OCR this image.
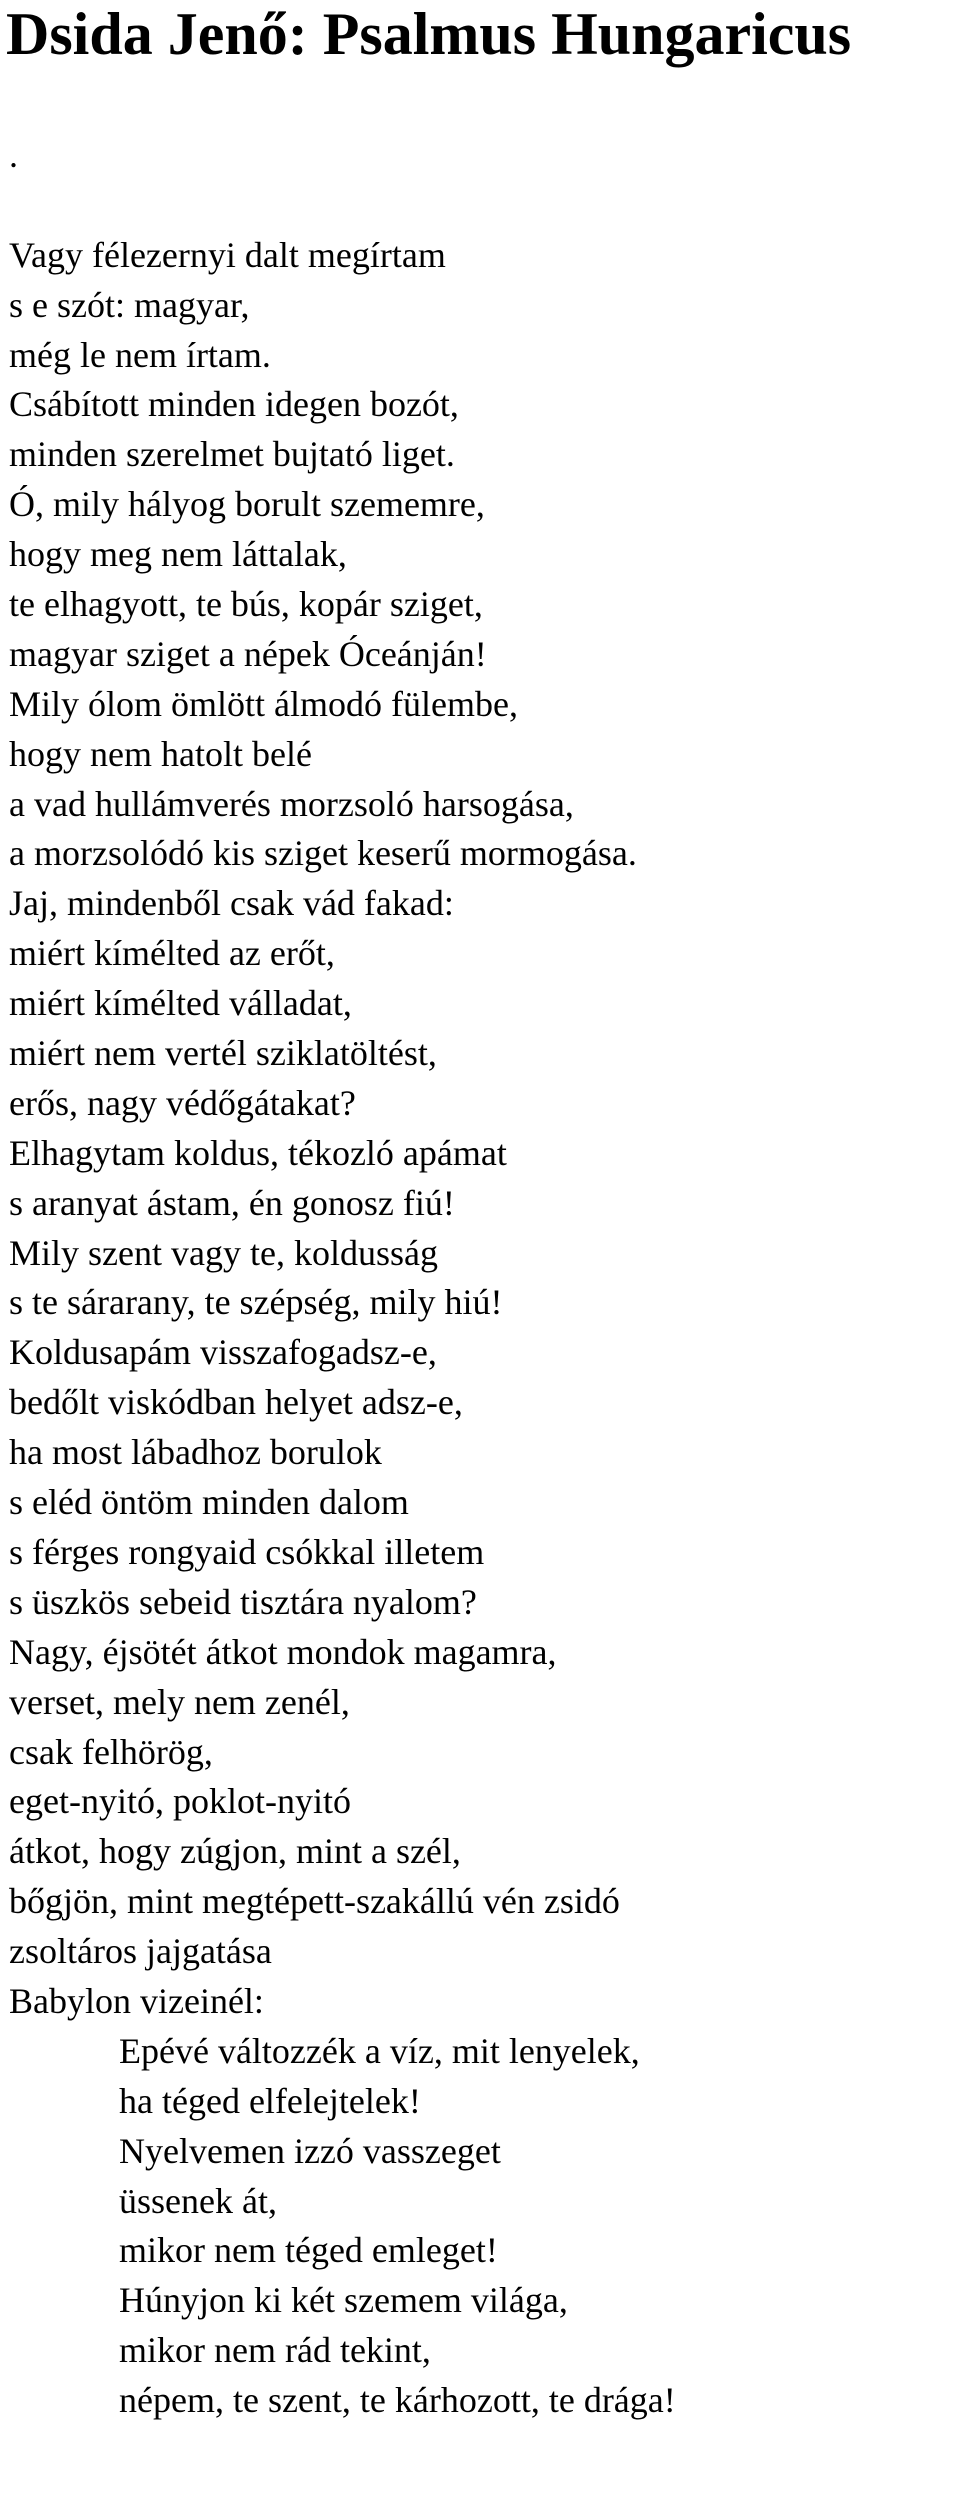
Dsida Jenő: Psalmus Hungaricus
.
Vagy félezernyi dalt megírtam
s e szót: magyar,
még le nem írtam.
Csábított minden idegen bozót,
minden szerelmet bujtató liget.
Ó, mily hályog borult szememre,
hogy meg nem láttalak,
te elhagyott, te bús, kopár sziget,
magyar sziget a népek Óceánján!
Mily ólom ömlött álmodó fülembe,
hogy nem hatolt belé
a vad hullámverés morzsoló harsogása,
a morzsolódó kis sziget keserű mormogása.
Jaj, mindenből csak vád fakad:
miért kímélted az erőt,
miért kímélted válladat,
miért nem vertél sziklatöltést,
erős, nagy védőgátakat?
Elhagytam koldus, tékozló apámat
s aranyat ástam, én gonosz fiú!
Mily szent vagy te, koldusság
s te sárarany, te szépség, mily hiú!
Koldusapám visszafogadsz-e,
bedőlt viskódban helyet adsz-e,
ha most lábadhoz borulok
s eléd öntöm minden dalom
s férges rongyaid csókkal illetem
s üszkös sebeid tisztára nyalom?
Nagy, éjsötét átkot mondok magamra,
verset, mely nem zenél,
csak felhörög,
eget-nyitó, poklot-nyitó
átkot, hogy zúgjon, mint a szél,
bőgjön, mint megtépett-szakállú vén zsidó
zsoltáros jajgatása
Babylon vizeinél:
Epévé változzék a víz, mit lenyelek,
ha téged elfelejtelek!
Nyelvemen izzó vasszeget
üssenek át,
mikor nem téged emleget!
Húnyjon ki két szemem világa,
mikor nem rád tekint,
népem, te szent, te kárhozott, te drága!
